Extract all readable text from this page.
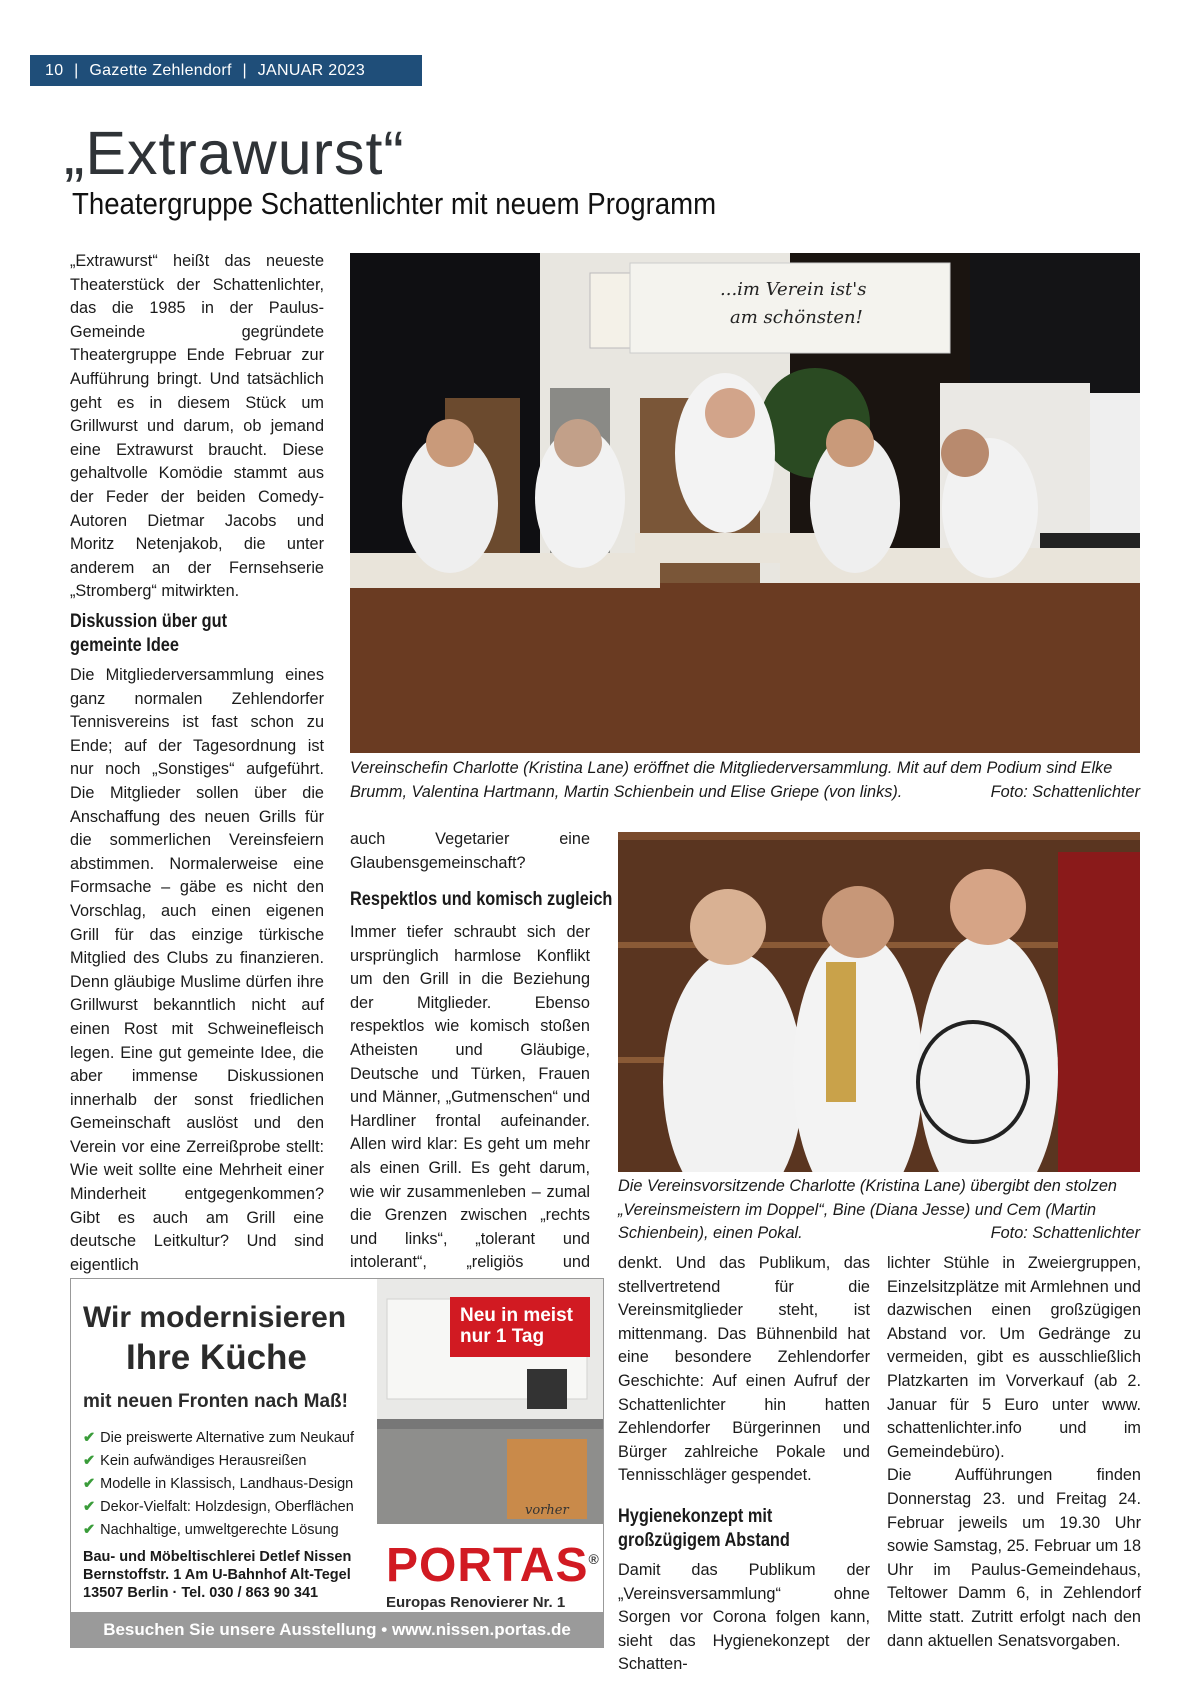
10 | Gazette Zehlendorf | JANUAR 2023
„Extrawurst“
Theatergruppe Schattenlichter mit neuem Programm

„Extrawurst“ heißt das neueste Theaterstück der Schattenlichter, das die 1985 in der Paulus-Gemeinde gegründete Theatergruppe Ende Februar zur Aufführung bringt. Und tatsächlich geht es in diesem Stück um Grillwurst und darum, ob jemand eine Extrawurst braucht. Diese gehaltvolle Komödie stammt aus der Feder der beiden Comedy-Autoren Dietmar Jacobs und Moritz Netenjakob, die unter anderem an der Fernsehserie „Stromberg“ mitwirkten.

Diskussion über gut

gemeinte Idee

Die Mitgliederversammlung eines ganz normalen Zehlendorfer Tennisvereins ist fast schon zu Ende; auf der Tagesordnung ist nur noch „Sonstiges“ aufgeführt. Die Mitglieder sollen über die Anschaffung des neuen Grills für die sommerlichen Vereinsfeiern abstimmen. Normalerweise eine Formsache – gäbe es nicht den Vorschlag, auch einen eigenen Grill für das einzige türkische Mitglied des Clubs zu finanzieren. Denn gläubige Muslime dürfen ihre Grillwurst bekanntlich nicht auf einen Rost mit Schweinefleisch legen. Eine gut gemeinte Idee, die aber immense Diskussionen innerhalb der sonst friedlichen Gemeinschaft auslöst und den Verein vor eine Zerreißprobe stellt: Wie weit sollte eine Mehrheit einer Minderheit entgegenkommen? Gibt es auch am Grill eine deutsche Leitkultur? Und sind eigentlich

...im Verein ist's
am schönsten!
Vereinschefin Charlotte (Kristina Lane) eröffnet die Mitgliederversammlung. Mit auf dem Podium sind Elke Brumm, Valentina Hartmann, Martin Schienbein und Elise Griepe (von links).	Foto: Schattenlichter

auch Vegetarier eine Glaubensgemeinschaft?

Respektlos und komisch zugleich

Immer tiefer schraubt sich der ursprünglich harmlose Konflikt um den Grill in die Beziehung der Mitglieder. Ebenso respektlos wie komisch stoßen Atheisten und Gläubige, Deutsche und Türken, Frauen und Männer, „Gutmenschen“ und Hardliner frontal aufeinander. Allen wird klar: Es geht um mehr als einen Grill. Es geht darum, wie wir zusammenleben – zumal die Grenzen zwischen „rechts und links“, „tolerant und intolerant“, „religiös und

Die Vereinsvorsitzende Charlotte (Kristina Lane) übergibt den stolzen „Vereinsmeistern im Doppel“, Bine (Diana Jesse) und Cem (Martin Schienbein), einen Pokal.	Foto: Schattenlichter

denkt. Und das Publikum, das stellvertretend für die Vereinsmitglieder steht, ist mittenmang. Das Bühnenbild hat eine besondere Zehlendorfer Geschichte: Auf einen Aufruf der Schattenlichter hin hatten Zehlendorfer Bürgerinnen und Bürger zahlreiche Pokale und Tennisschläger gespendet.

Hygienekonzept mit

großzügigem Abstand

Damit das Publikum der „Vereinsversammlung“ ohne Sorgen vor Corona folgen kann, sieht das Hygienekonzept der Schatten-

lichter Stühle in Zweiergruppen, Einzelsitzplätze mit Armlehnen und dazwischen einen großzügigen Abstand vor. Um Gedränge zu vermeiden, gibt es ausschließlich Platzkarten im Vorverkauf (ab 2. Januar für 5 Euro unter www. schattenlichter.info und im Gemeindebüro).

Die Aufführungen finden Donnerstag 23. und Freitag 24. Februar jeweils um 19.30 Uhr sowie Samstag, 25. Februar um 18 Uhr im Paulus-Gemeindehaus, Teltower Damm 6, in Zehlendorf Mitte statt. Zutritt erfolgt nach den dann aktuellen Senatsvorgaben.

vorher
Wir modernisieren
Ihre Küche
mit neuen Fronten nach Maß!
✔ Die preiswerte Alternative zum Neukauf
✔ Kein aufwändiges Herausreißen
✔ Modelle in Klassisch, Landhaus-Design
✔ Dekor-Vielfalt: Holzdesign, Oberflächen
✔ Nachhaltige, umweltgerechte Lösung
Bau- und Möbeltischlerei Detlef Nissen
Bernstoffstr. 1 Am U-Bahnhof Alt-Tegel
13507 Berlin · Tel. 030 / 863 90 341
PORTAS®
Europas Renovierer Nr. 1
Besuchen Sie unsere Ausstellung • www.nissen.portas.de
Neu in meist
nur 1 Tag
